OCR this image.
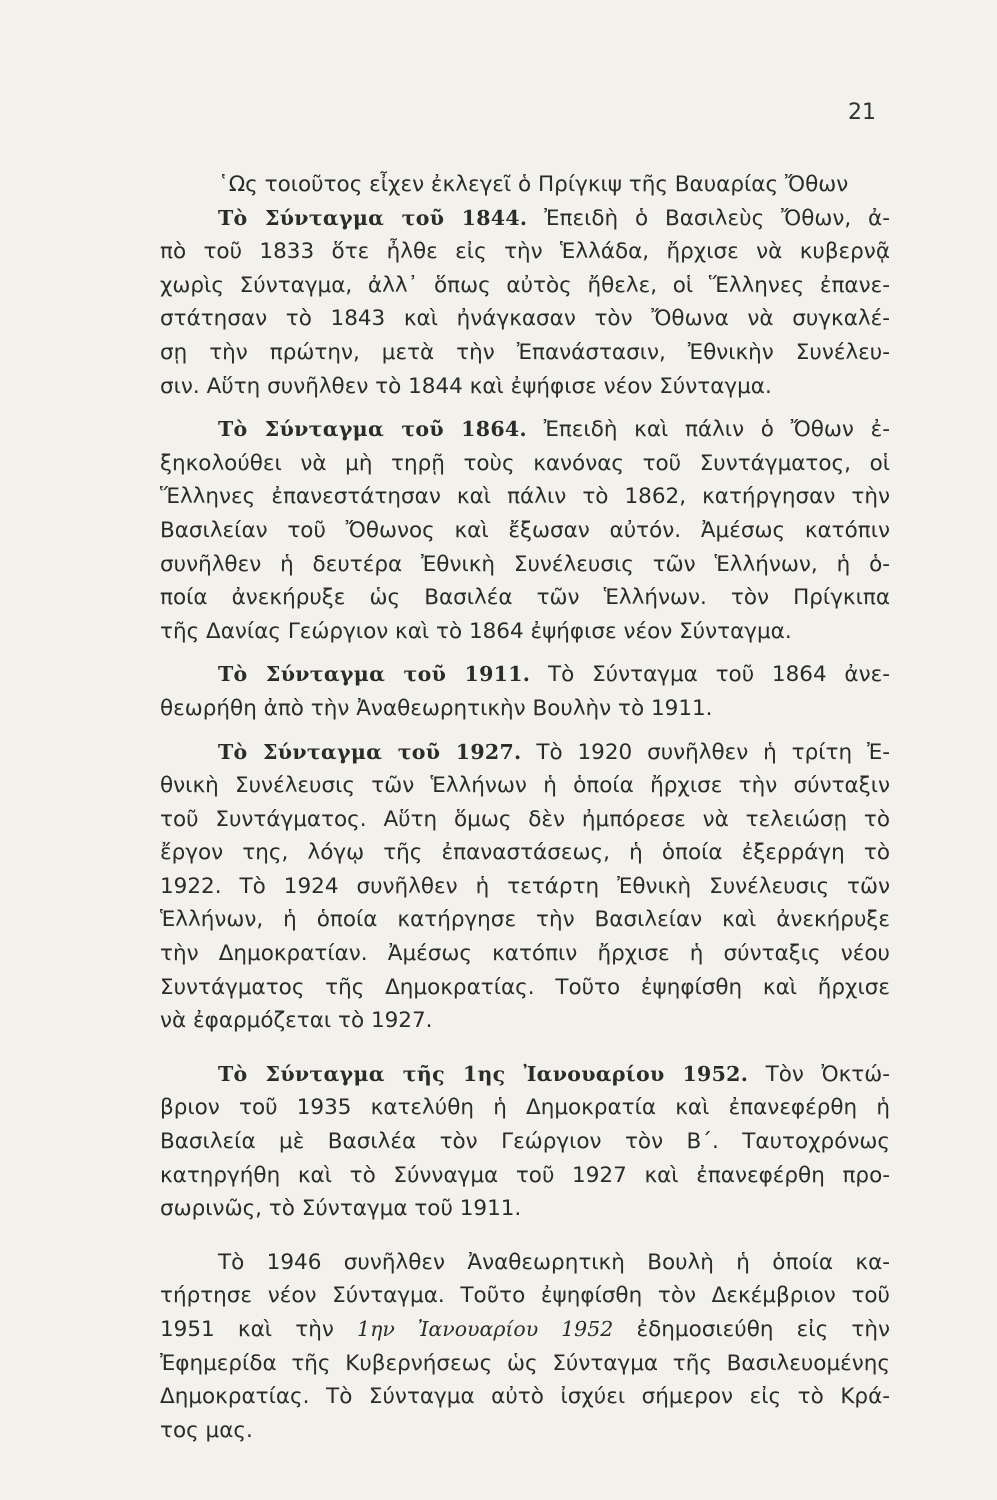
21
῾Ως τοιοῦτος εἶχεν ἐκλεγεῖ ὁ Πρίγκιψ τῆς Βαυαρίας Ὄθων
Τὸ Σύνταγμα τοῦ 1844. Ἐπειδὴ ὁ Βασιλεὺς Ὄθων, ἀ-
πὸ τοῦ 1833 ὅτε ἦλθε εἰς τὴν Ἑλλάδα, ἤρχισε νὰ κυβερνᾷ
χωρὶς Σύνταγμα, ἀλλ᾽ ὅπως αὐτὸς ἤθελε, οἱ Ἕλληνες ἐπανε-
στάτησαν τὸ 1843 καὶ ἠνάγκασαν τὸν Ὄθωνα νὰ συγκαλέ-
σῃ τὴν πρώτην, μετὰ τὴν Ἐπανάστασιν, Ἐθνικὴν Συνέλευ-
σιν. Αὕτη συνῆλθεν τὸ 1844 καὶ ἐψήφισε νέον Σύνταγμα.
Τὸ Σύνταγμα τοῦ 1864. Ἐπειδὴ καὶ πάλιν ὁ Ὄθων ἐ-
ξηκολούθει νὰ μὴ τηρῇ τοὺς κανόνας τοῦ Συντάγματος, οἱ
Ἕλληνες ἐπανεστάτησαν καὶ πάλιν τὸ 1862, κατήργησαν τὴν
Βασιλείαν τοῦ Ὄθωνος καὶ ἔξωσαν αὐτόν. Ἀμέσως κατόπιν
συνῆλθεν ἡ δευτέρα Ἐθνικὴ Συνέλευσις τῶν Ἑλλήνων, ἡ ὁ-
ποία ἀνεκήρυξε ὡς Βασιλέα τῶν Ἑλλήνων. τὸν Πρίγκιπα
τῆς Δανίας Γεώργιον καὶ τὸ 1864 ἐψήφισε νέον Σύνταγμα.
Τὸ Σύνταγμα τοῦ 1911. Τὸ Σύνταγμα τοῦ 1864 ἀνε-
θεωρήθη ἀπὸ τὴν Ἀναθεωρητικὴν Βουλὴν τὸ 1911.
Τὸ Σύνταγμα τοῦ 1927. Τὸ 1920 συνῆλθεν ἡ τρίτη Ἐ-
θνικὴ Συνέλευσις τῶν Ἑλλήνων ἡ ὁποία ἤρχισε τὴν σύνταξιν
τοῦ Συντάγματος. Αὕτη ὅμως δὲν ἠμπόρεσε νὰ τελειώσῃ τὸ
ἔργον της, λόγῳ τῆς ἐπαναστάσεως, ἡ ὁποία ἐξερράγη τὸ
1922. Τὸ 1924 συνῆλθεν ἡ τετάρτη Ἐθνικὴ Συνέλευσις τῶν
Ἑλλήνων, ἡ ὁποία κατήργησε τὴν Βασιλείαν καὶ ἀνεκήρυξε
τὴν Δημοκρατίαν. Ἀμέσως κατόπιν ἤρχισε ἡ σύνταξις νέου
Συντάγματος τῆς Δημοκρατίας. Τοῦτο ἐψηφίσθη καὶ ἤρχισε
νὰ ἐφαρμόζεται τὸ 1927.
Τὸ Σύνταγμα τῆς 1ης Ἰανουαρίου 1952. Τὸν Ὀκτώ-
βριον τοῦ 1935 κατελύθη ἡ Δημοκρατία καὶ ἐπανεφέρθη ἡ
Βασιλεία μὲ Βασιλέα τὸν Γεώργιον τὸν Β΄. Ταυτοχρόνως
κατηργήθη καὶ τὸ Σύνναγμα τοῦ 1927 καὶ ἐπανεφέρθη προ-
σωρινῶς, τὸ Σύνταγμα τοῦ 1911.
Τὸ 1946 συνῆλθεν Ἀναθεωρητικὴ Βουλὴ ἡ ὁποία κα-
τήρτησε νέον Σύνταγμα. Τοῦτο ἐψηφίσθη τὸν Δεκέμβριον τοῦ
1951 καὶ τὴν 1ην Ἰανουαρίου 1952 ἐδημοσιεύθη εἰς τὴν
Ἐφημερίδα τῆς Κυβερνήσεως ὡς Σύνταγμα τῆς Βασιλευομένης
Δημοκρατίας. Τὸ Σύνταγμα αὐτὸ ἰσχύει σήμερον εἰς τὸ Κρά-
τος μας.
